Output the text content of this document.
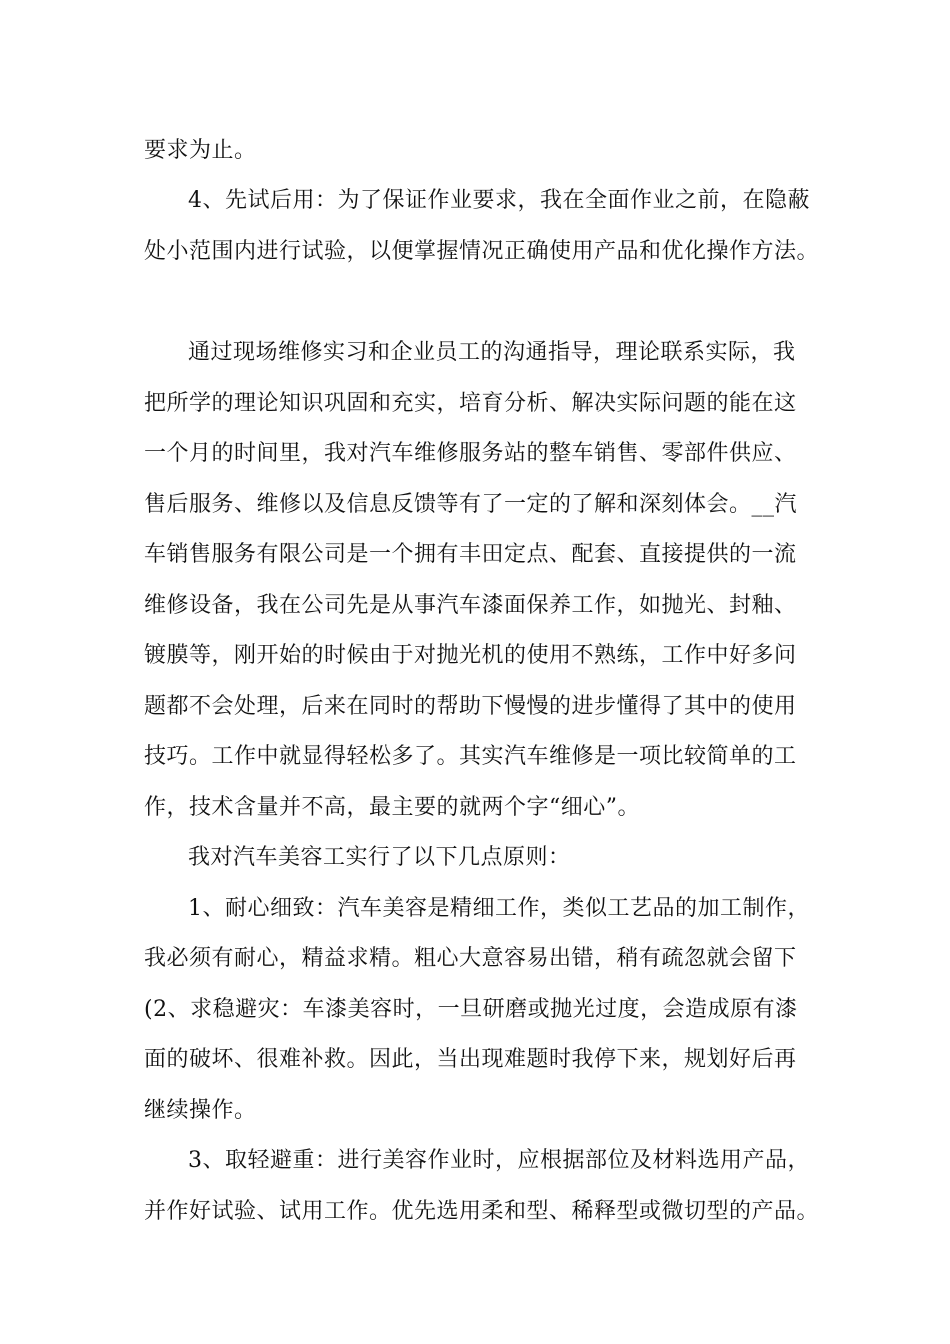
要求为止。
4、先试后用：为了保证作业要求，我在全面作业之前，在隐蔽
处小范围内进行试验，以便掌握情况正确使用产品和优化操作方法。
通过现场维修实习和企业员工的沟通指导，理论联系实际，我
把所学的理论知识巩固和充实，培育分析、解决实际问题的能在这
一个月的时间里，我对汽车维修服务站的整车销售、零部件供应、
售后服务、维修以及信息反馈等有了一定的了解和深刻体会。__汽
车销售服务有限公司是一个拥有丰田定点、配套、直接提供的一流
维修设备，我在公司先是从事汽车漆面保养工作，如抛光、封釉、
镀膜等，刚开始的时候由于对抛光机的使用不熟练，工作中好多问
题都不会处理，后来在同时的帮助下慢慢的进步懂得了其中的使用
技巧。工作中就显得轻松多了。其实汽车维修是一项比较简单的工
作，技术含量并不高，最主要的就两个字“细心”。
我对汽车美容工实行了以下几点原则：
1、耐心细致：汽车美容是精细工作，类似工艺品的加工制作，
我必须有耐心，精益求精。粗心大意容易出错，稍有疏忽就会留下
(2、求稳避灾：车漆美容时，一旦研磨或抛光过度，会造成原有漆
面的破坏、很难补救。因此，当出现难题时我停下来，规划好后再
继续操作。
3、取轻避重：进行美容作业时，应根据部位及材料选用产品，
并作好试验、试用工作。优先选用柔和型、稀释型或微切型的产品。
